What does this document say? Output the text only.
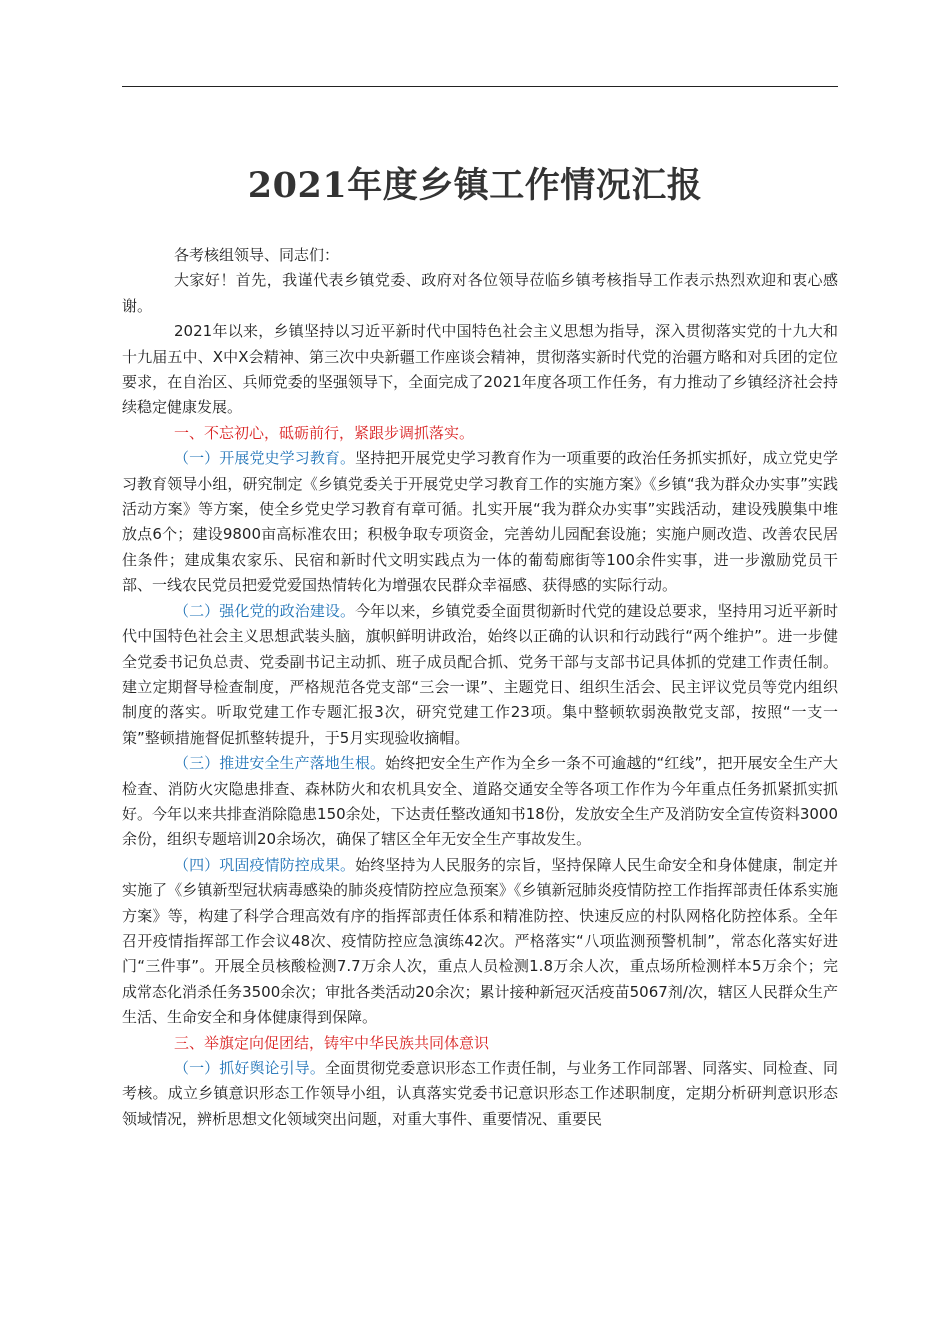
2021年度乡镇工作情况汇报

各考核组领导、同志们：

大家好！首先，我谨代表乡镇党委、政府对各位领导莅临乡镇考核指导工作表示热烈欢迎和衷心感谢。

2021年以来，乡镇坚持以习近平新时代中国特色社会主义思想为指导，深入贯彻落实党的十九大和十九届五中、X中X会精神、第三次中央新疆工作座谈会精神，贯彻落实新时代党的治疆方略和对兵团的定位要求，在自治区、兵师党委的坚强领导下，全面完成了2021年度各项工作任务，有力推动了乡镇经济社会持续稳定健康发展。

一、不忘初心，砥砺前行，紧跟步调抓落实。

（一）开展党史学习教育。坚持把开展党史学习教育作为一项重要的政治任务抓实抓好，成立党史学习教育领导小组，研究制定《乡镇党委关于开展党史学习教育工作的实施方案》《乡镇“我为群众办实事”实践活动方案》等方案，使全乡党史学习教育有章可循。扎实开展“我为群众办实事”实践活动，建设残膜集中堆放点6个；建设9800亩高标准农田；积极争取专项资金，完善幼儿园配套设施；实施户厕改造、改善农民居住条件；建成集农家乐、民宿和新时代文明实践点为一体的葡萄廊街等100余件实事，进一步激励党员干部、一线农民党员把爱党爱国热情转化为增强农民群众幸福感、获得感的实际行动。

（二）强化党的政治建设。今年以来，乡镇党委全面贯彻新时代党的建设总要求，坚持用习近平新时代中国特色社会主义思想武装头脑，旗帜鲜明讲政治，始终以正确的认识和行动践行“两个维护”。进一步健全党委书记负总责、党委副书记主动抓、班子成员配合抓、党务干部与支部书记具体抓的党建工作责任制。建立定期督导检查制度，严格规范各党支部“三会一课”、主题党日、组织生活会、民主评议党员等党内组织制度的落实。听取党建工作专题汇报3次，研究党建工作23项。集中整顿软弱涣散党支部，按照“一支一策”整顿措施督促抓整转提升，于5月实现验收摘帽。

（三）推进安全生产落地生根。始终把安全生产作为全乡一条不可逾越的“红线”，把开展安全生产大检查、消防火灾隐患排查、森林防火和农机具安全、道路交通安全等各项工作作为今年重点任务抓紧抓实抓好。今年以来共排查消除隐患150余处，下达责任整改通知书18份，发放安全生产及消防安全宣传资料3000余份，组织专题培训20余场次，确保了辖区全年无安全生产事故发生。

（四）巩固疫情防控成果。始终坚持为人民服务的宗旨，坚持保障人民生命安全和身体健康，制定并实施了《乡镇新型冠状病毒感染的肺炎疫情防控应急预案》《乡镇新冠肺炎疫情防控工作指挥部责任体系实施方案》等，构建了科学合理高效有序的指挥部责任体系和精准防控、快速反应的村队网格化防控体系。全年召开疫情指挥部工作会议48次、疫情防控应急演练42次。严格落实“八项监测预警机制”，常态化落实好进门“三件事”。开展全员核酸检测7.7万余人次，重点人员检测1.8万余人次，重点场所检测样本5万余个；完成常态化消杀任务3500余次；审批各类活动20余次；累计接种新冠灭活疫苗5067剂/次，辖区人民群众生产生活、生命安全和身体健康得到保障。

三、举旗定向促团结，铸牢中华民族共同体意识

（一）抓好舆论引导。全面贯彻党委意识形态工作责任制，与业务工作同部署、同落实、同检查、同考核。成立乡镇意识形态工作领导小组，认真落实党委书记意识形态工作述职制度，定期分析研判意识形态领域情况，辨析思想文化领域突出问题，对重大事件、重要情况、重要民
